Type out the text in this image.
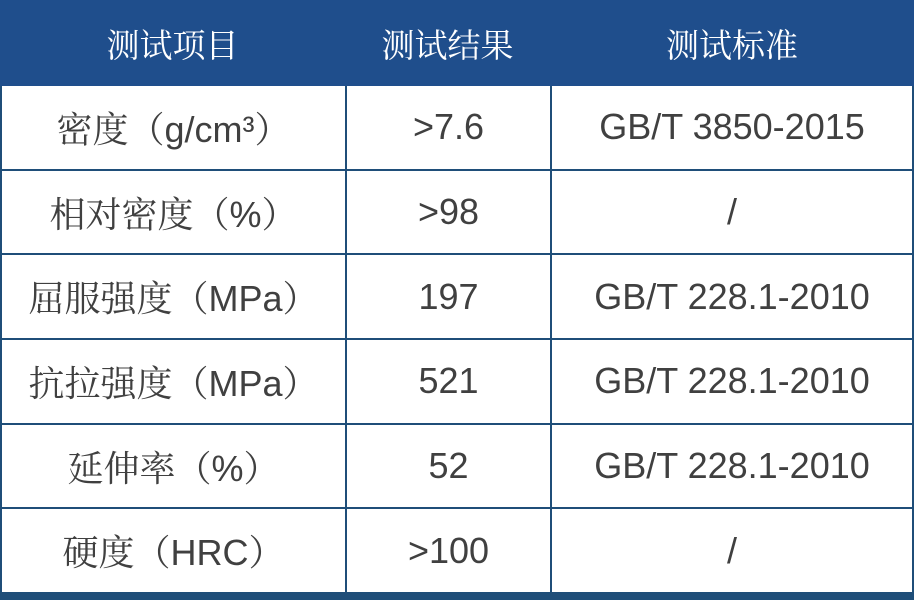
测试项目	测试结果	测试标准
密度（g/cm³）	>7.6	GB/T 3850-2015
相对密度（%）	>98	/
屈服强度（MPa）	197	GB/T 228.1-2010
抗拉强度（MPa）	521	GB/T 228.1-2010
延伸率（%）	52	GB/T 228.1-2010
硬度（HRC）	>100	/
